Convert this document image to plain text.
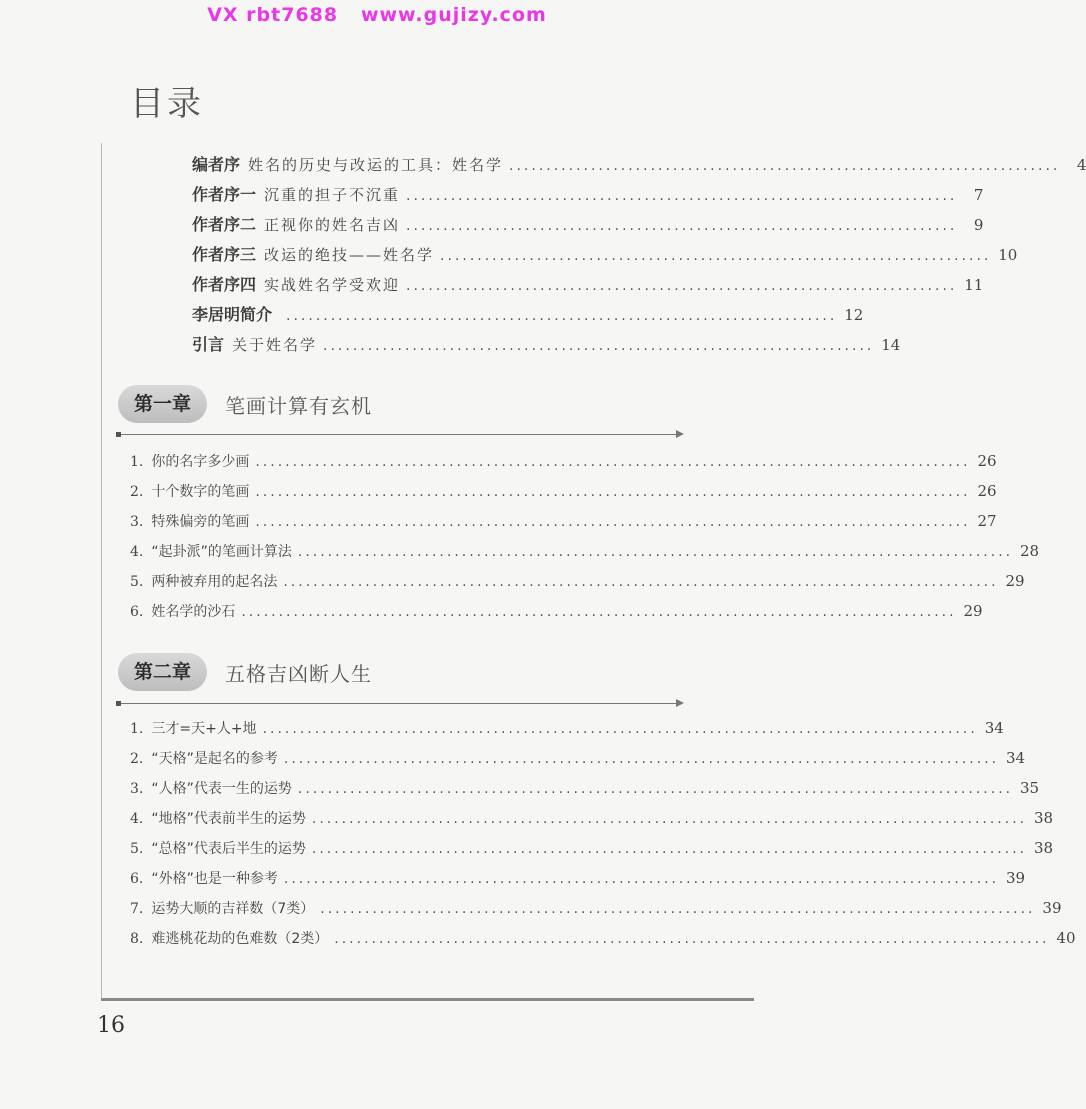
VX rbt7688   www.gujizy.com
目录
编者序 姓名的历史与改运的工具：姓名学 ..........................................................................	4
作者序一 沉重的担子不沉重 ..........................................................................	7
作者序二 正视你的姓名吉凶 ..........................................................................	9
作者序三 改运的绝技——姓名学 .......................................................................... 10
作者序四 实战姓名学受欢迎 .......................................................................... 11
李居明简介 .......................................................................... 12
引言 关于姓名学 .......................................................................... 14
第一章	笔画计算有玄机
1. 你的名字多少画 ................................................................................................ 26
2. 十个数字的笔画 ................................................................................................ 26
3. 特殊偏旁的笔画 ................................................................................................ 27
4. “起卦派”的笔画计算法 ................................................................................................ 28
5. 两种被弃用的起名法 ................................................................................................ 29
6. 姓名学的沙石 ................................................................................................ 29
第二章	五格吉凶断人生
1. 三才=天+人+地 ................................................................................................ 34
2. “天格”是起名的参考 ................................................................................................ 34
3. “人格”代表一生的运势 ................................................................................................ 35
4. “地格”代表前半生的运势 ................................................................................................ 38
5. “总格”代表后半生的运势 ................................................................................................ 38
6. “外格”也是一种参考 ................................................................................................ 39
7. 运势大顺的吉祥数（7类） ................................................................................................ 39
8. 难逃桃花劫的色难数（2类） ................................................................................................ 40
16
